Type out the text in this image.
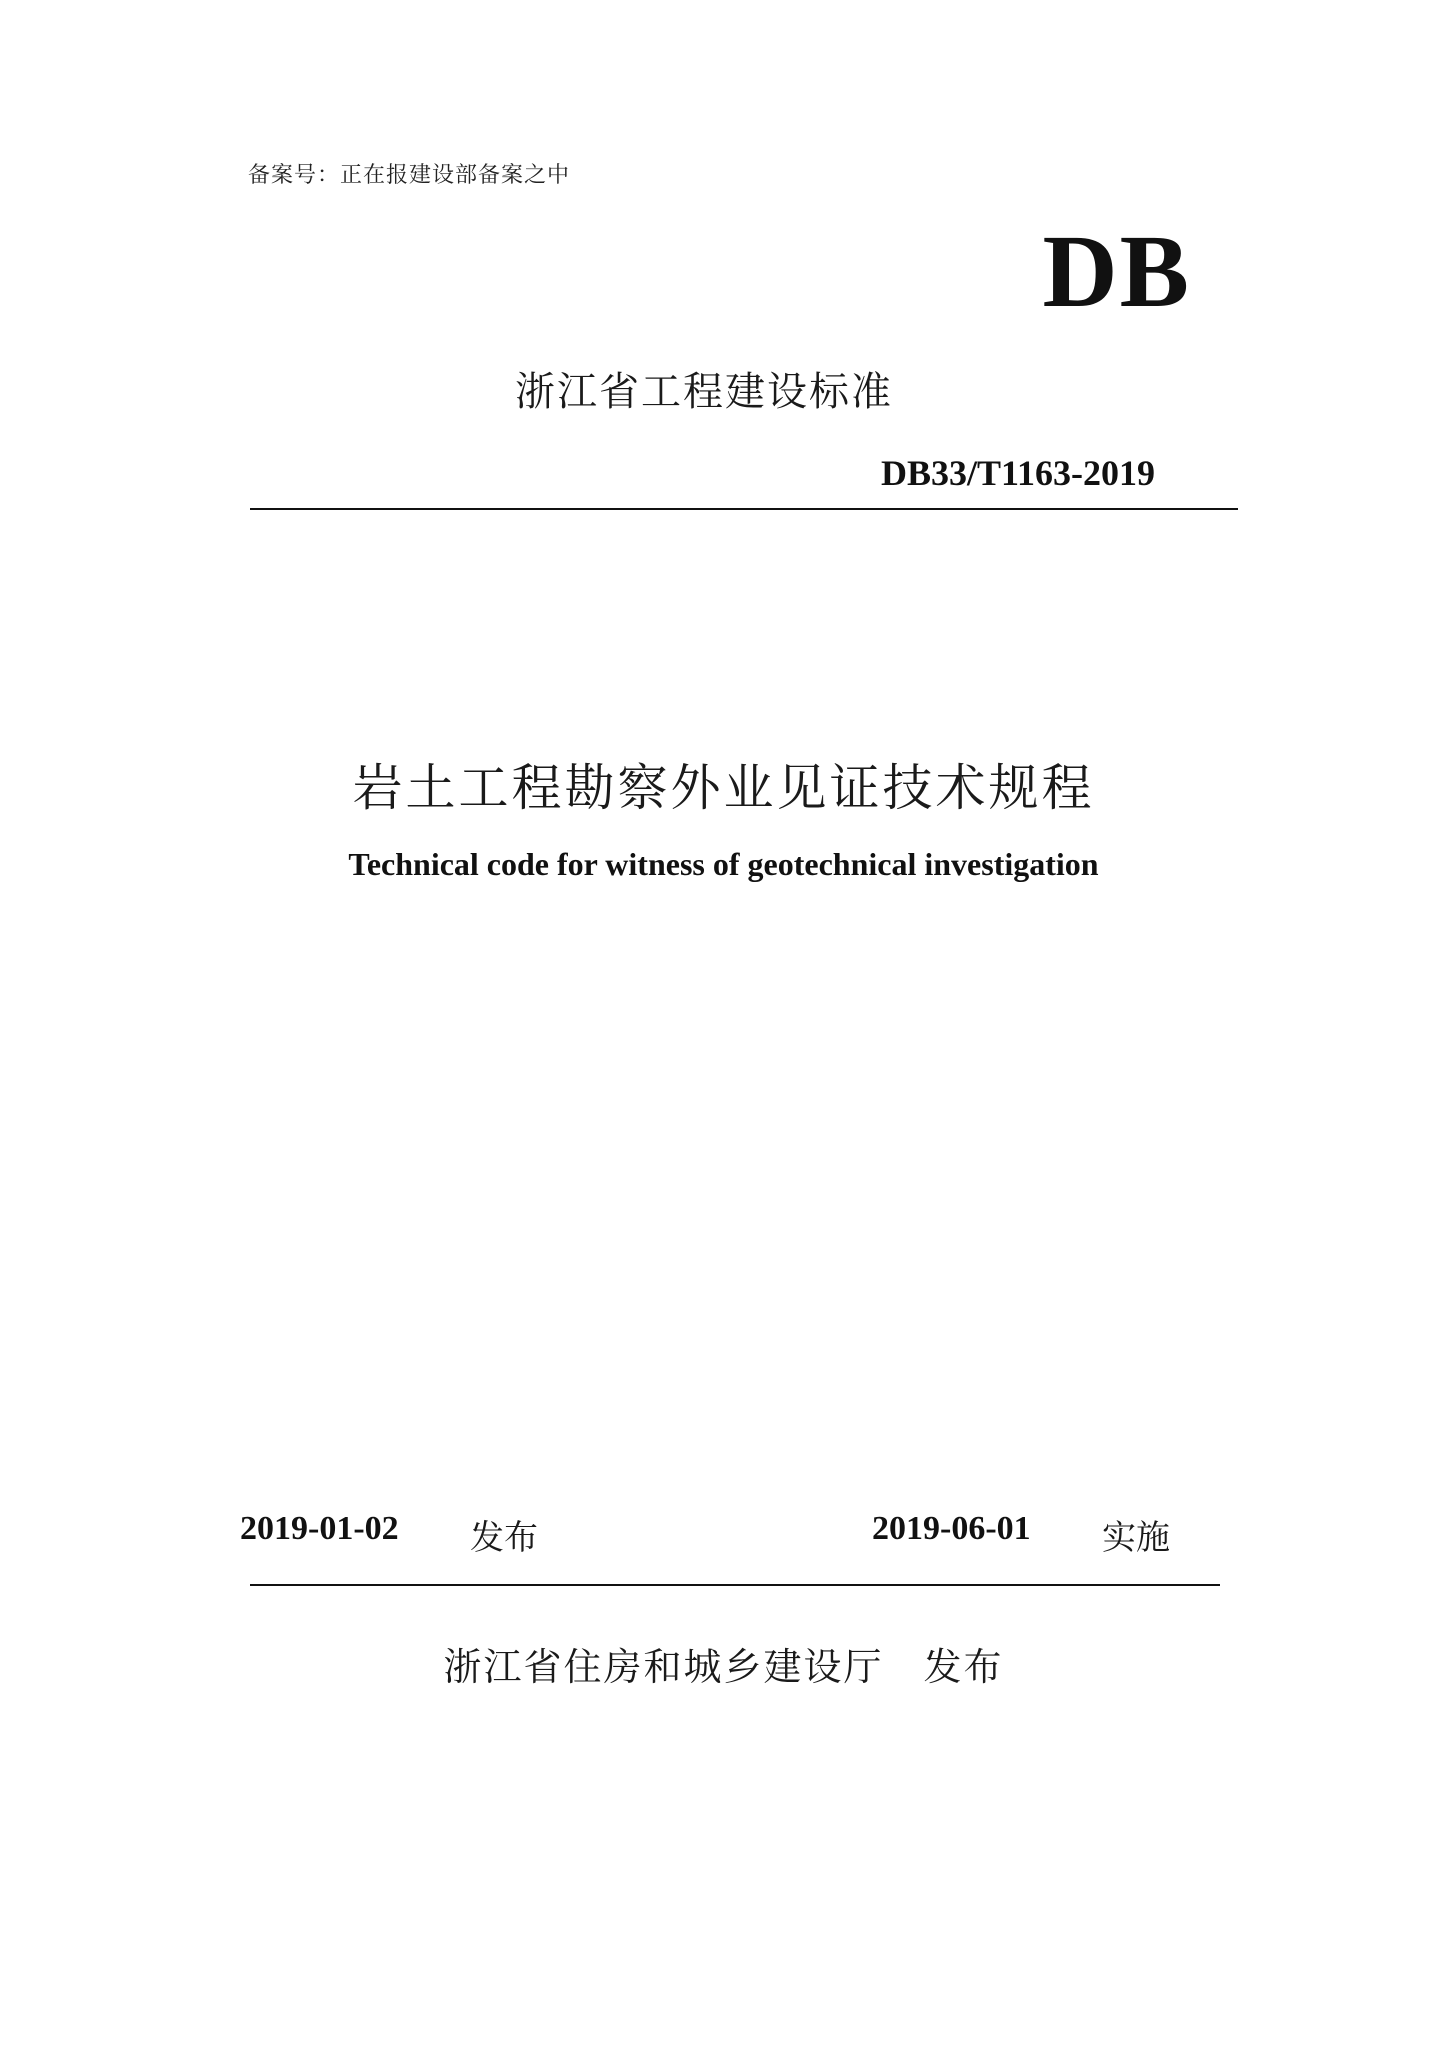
备案号：正在报建设部备案之中
DB
浙江省工程建设标准
DB33/T1163-2019
岩土工程勘察外业见证技术规程
Technical code for witness of geotechnical investigation
2019-01-02 发布	2019-06-01 实施
浙江省住房和城乡建设厅 发布
